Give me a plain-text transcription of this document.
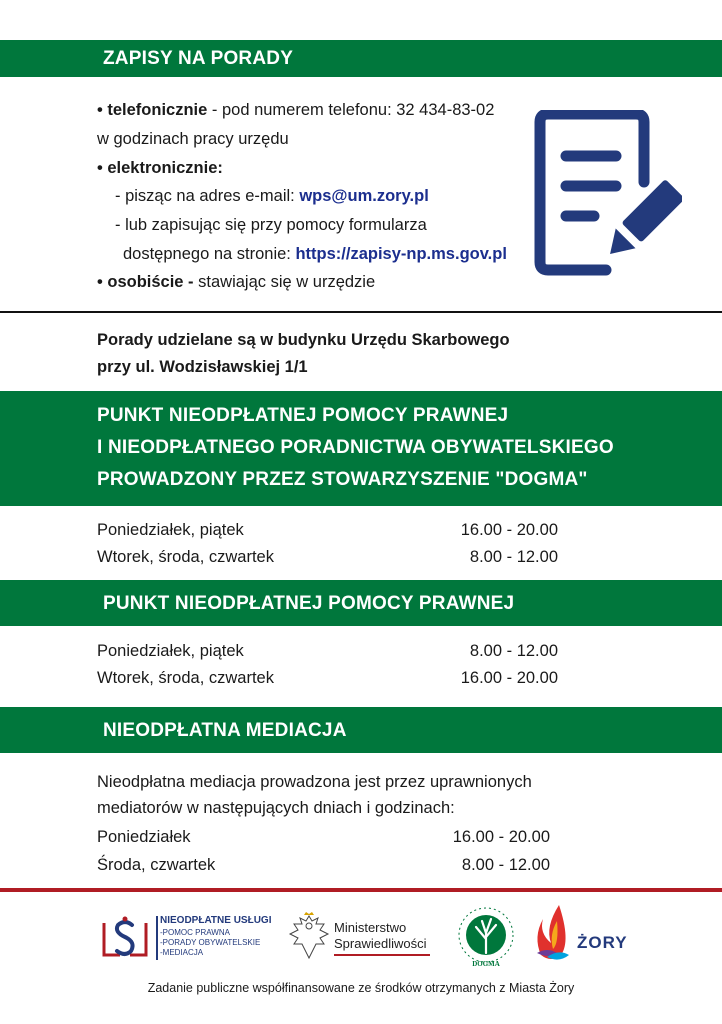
ZAPISY NA PORADY
• telefonicznie - pod numerem telefonu: 32 434-83-02
w godzinach pracy urzędu
• elektronicznie:
- pisząc na adres e-mail: wps@um.zory.pl
- lub zapisując się przy pomocy formularza
dostępnego na stronie: https://zapisy-np.ms.gov.pl
• osobiście - stawiając się w urzędzie
Porady udzielane są w budynku Urzędu Skarbowego
przy ul. Wodzisławskiej 1/1
PUNKT NIEODPŁATNEJ POMOCY PRAWNEJ
I NIEODPŁATNEGO PORADNICTWA OBYWATELSKIEGO
PROWADZONY PRZEZ STOWARZYSZENIE "DOGMA"
Poniedziałek, piątek	16.00 - 20.00
Wtorek, środa, czwartek	8.00 - 12.00
PUNKT NIEODPŁATNEJ POMOCY PRAWNEJ
Poniedziałek, piątek	8.00 - 12.00
Wtorek, środa, czwartek	16.00 - 20.00
NIEODPŁATNA MEDIACJA
Nieodpłatna mediacja prowadzona jest przez uprawnionych
mediatorów w następujących dniach i godzinach:
Poniedziałek	16.00 - 20.00
Środa, czwartek	8.00 - 12.00
NIEODPŁATNE USŁUGI
-POMOC PRAWNA
-PORADY OBYWATELSKIE
-MEDIACJA
Ministerstwo
Sprawiedliwości
DOGMA
ŻORY
Zadanie publiczne współfinansowane ze środków otrzymanych z Miasta Żory
